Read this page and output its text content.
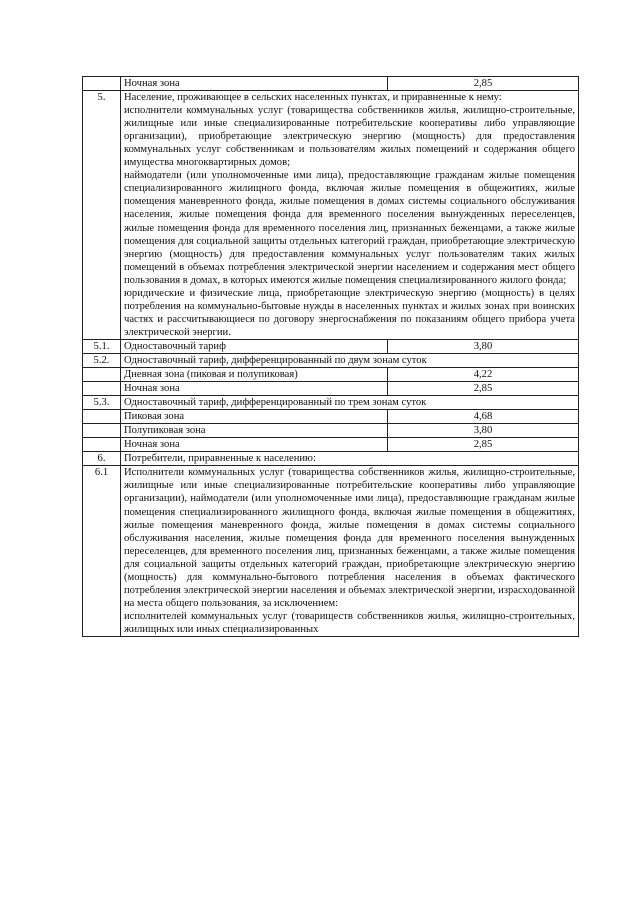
	Ночная зона	2,85
5.	Население, проживающее в сельских населенных пунктах, и приравненные к нему:
исполнители коммунальных услуг (товарищества собственников жилья, жилищно-строительные, жилищные или иные специализированные потребительские кооперативы либо управляющие организации), приобретающие электрическую энергию (мощность) для предоставления коммунальных услуг собственникам и пользователям жилых помещений и содержания общего имущества многоквартирных домов;
наймодатели (или уполномоченные ими лица), предоставляющие гражданам жилые помещения специализированного жилищного фонда, включая жилые помещения в общежитиях, жилые помещения маневренного фонда, жилые помещения в домах системы социального обслуживания населения, жилые помещения фонда для временного поселения вынужденных переселенцев, жилые помещения фонда для временного поселения лиц, признанных беженцами, а также жилые помещения для социальной защиты отдельных категорий граждан, приобретающие электрическую энергию (мощность) для предоставления коммунальных услуг пользователям таких жилых помещений в объемах потребления электрической энергии населением и содержания мест общего пользования в домах, в которых имеются жилые помещения специализированного жилого фонда;
юридические и физические лица, приобретающие электрическую энергию (мощность) в целях потребления на коммунально-бытовые нужды в населенных пунктах и жилых зонах при воинских частях и рассчитывающиеся по договору энергоснабжения по показаниям общего прибора учета электрической энергии.	

5.1.	Одноставочный тариф	3,80
5.2.	Одноставочный тариф, дифференцированный по двум зонам суток	
	Дневная зона (пиковая и полупиковая)	4,22
	Ночная зона	2,85
5.3.	Одноставочный тариф, дифференцированный по трем зонам суток	
	Пиковая зона	4,68
	Полупиковая зона	3,80
	Ночная зона	2,85
6.	Потребители, приравненные к населению:	
6.1	Исполнители коммунальных услуг (товарищества собственников жилья, жилищно-строительные, жилищные или иные специализированные потребительские кооперативы либо управляющие организации), наймодатели (или уполномоченные ими лица), предоставляющие гражданам жилые помещения специализированного жилищного фонда, включая жилые помещения в общежитиях, жилые помещения маневренного фонда, жилые помещения в домах системы социального обслуживания населения, жилые помещения фонда для временного поселения вынужденных переселенцев, для временного поселения лиц, признанных беженцами, а также жилые помещения для социальной защиты отдельных категорий граждан, приобретающие электрическую энергию (мощность) для коммунально-бытового потребления населения в объемах фактического потребления электрической энергии населения и объемах электрической энергии, израсходованной на места общего пользования, за исключением:
исполнителей коммунальных услуг (товариществ собственников жилья, жилищно-строительных, жилищных или иных специализированных	
